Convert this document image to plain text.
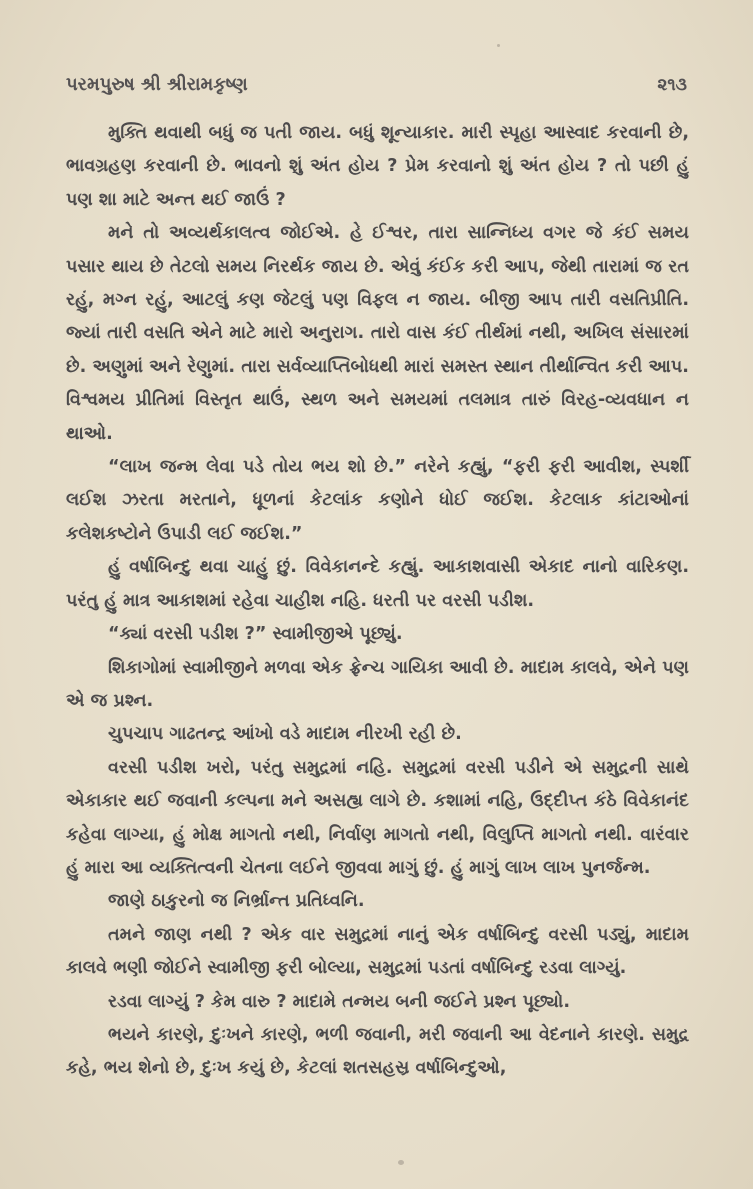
પરમપુરુષ શ્રી શ્રીરામકૃષ્ણ	૨૧૩

મુક્તિ થવાથી બધું જ પતી જાય. બધું શૂન્યાકાર. મારી સ્પૃહા આસ્વાદ કરવાની છે, ભાવગ્રહણ કરવાની છે. ભાવનો શું અંત હોય ? પ્રેમ કરવાનો શું અંત હોય ? તો પછી હું પણ શા માટે અન્ત થઈ જાઉં ?

મને તો અવ્યર્થકાલત્વ જોઈએ. હે ઈશ્વર, તારા સાન્નિધ્ય વગર જે કંઈ સમય પસાર થાય છે તેટલો સમય નિરર્થક જાય છે. એવું કંઈક કરી આપ, જેથી તારામાં જ રત રહું, મગ્ન રહું, આટલું કણ જેટલું પણ વિફલ ન જાય. બીજી આપ તારી વસતિપ્રીતિ. જ્યાં તારી વસતિ એને માટે મારો અનુરાગ. તારો વાસ કંઈ તીર્થમાં નથી, અખિલ સંસારમાં છે. અણુમાં અને રેણુમાં. તારા સર્વવ્યાપ્તિબોધથી મારાં સમસ્ત સ્થાન તીર્થાન્વિત કરી આપ. વિશ્વમય પ્રીતિમાં વિસ્તૃત થાઉં, સ્થળ અને સમયમાં તલમાત્ર તારું વિરહ-વ્યવધાન ન થાઓ.

“લાખ જન્મ લેવા પડે તોય ભય શો છે.” નરેને કહ્યું, “ફરી ફરી આવીશ, સ્પર્શી લઈશ ઝરતા મરતાને, ધૂળનાં કેટલાંક કણોને ધોઈ જઈશ. કેટલાક કાંટાઓનાં કલેશકષ્ટોને ઉપાડી લઈ જઈશ.”

હું વર્ષાબિન્દુ થવા ચાહું છું. વિવેકાનન્દે કહ્યું. આકાશવાસી એકાદ નાનો વારિકણ. પરંતુ હું માત્ર આકાશમાં રહેવા ચાહીશ નહિ. ધરતી પર વરસી પડીશ.

“ક્યાં વરસી પડીશ ?” સ્વામીજીએ પૂછ્યું.

શિકાગોમાં સ્વામીજીને મળવા એક ફ્રેન્ચ ગાયિકા આવી છે. માદામ કાલવે, એને પણ એ જ પ્રશ્ન.

ચુપચાપ ગાઢતન્દ્ર આંખો વડે માદામ નીરખી રહી છે.

વરસી પડીશ ખરો, પરંતુ સમુદ્રમાં નહિ. સમુદ્રમાં વરસી પડીને એ સમુદ્રની સાથે એકાકાર થઈ જવાની કલ્પના મને અસહ્ય લાગે છે. કશામાં નહિ, ઉદ્દીપ્ત કંઠે વિવેકાનંદ કહેવા લાગ્યા, હું મોક્ષ માગતો નથી, નિર્વાણ માગતો નથી, વિલુપ્તિ માગતો નથી. વારંવાર હું મારા આ વ્યક્તિત્વની ચેતના લઈને જીવવા માગું છું. હું માગું લાખ લાખ પુનર્જન્મ.

જાણે ઠાકુરનો જ નિર્ભ્રાન્ત પ્રતિધ્વનિ.

તમને જાણ નથી ? એક વાર સમુદ્રમાં નાનું એક વર્ષાબિન્દુ વરસી પડ્યું, માદામ કાલવે ભણી જોઈને સ્વામીજી ફરી બોલ્યા, સમુદ્રમાં પડતાં વર્ષાબિન્દુ રડવા લાગ્યું.

રડવા લાગ્યું ? કેમ વારુ ? માદામે તન્મય બની જઈને પ્રશ્ન પૂછ્યો.

ભયને કારણે, દુઃખને કારણે, ભળી જવાની, મરી જવાની આ વેદનાને કારણે. સમુદ્ર કહે, ભય શેનો છે, દુઃખ કયું છે, કેટલાં શતસહસ્ર વર્ષાબિન્દુઓ,
